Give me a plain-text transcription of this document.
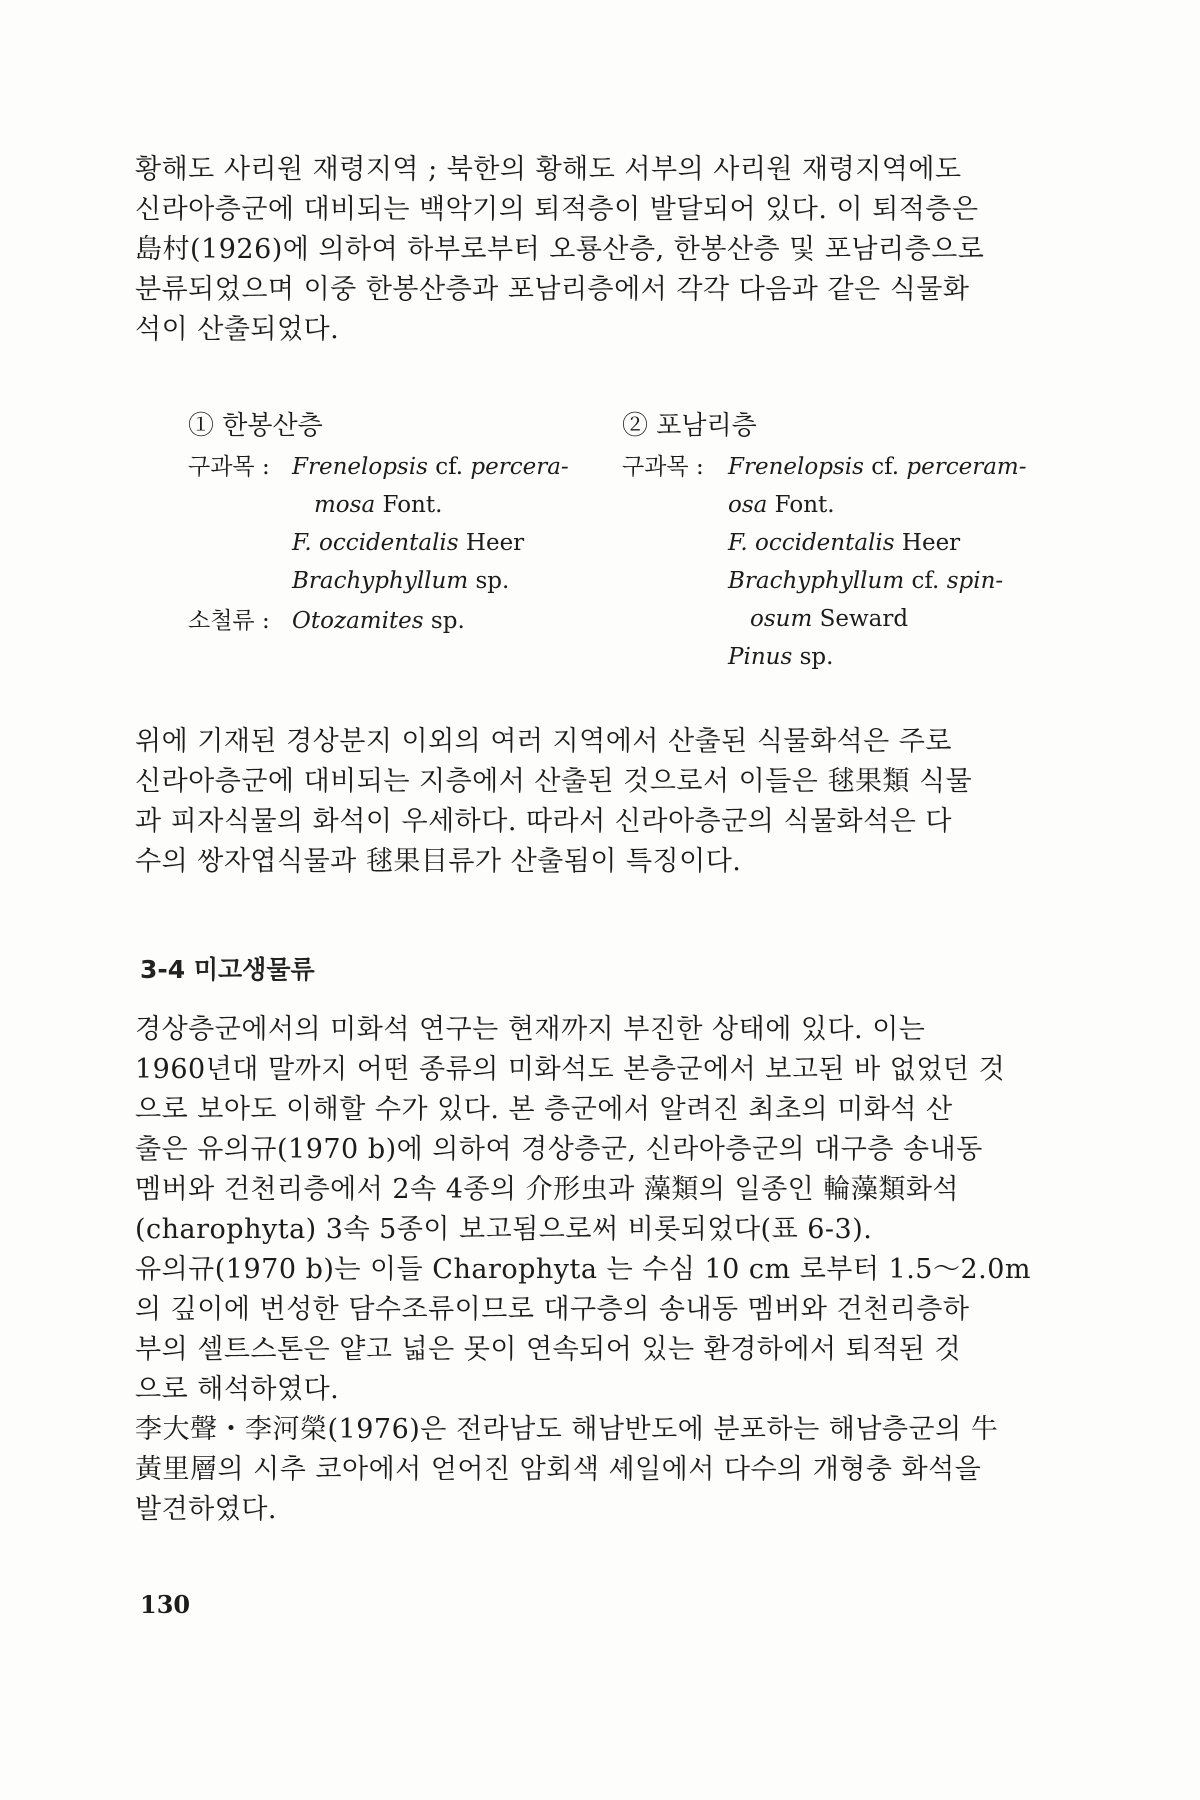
황해도 사리원 재령지역 ; 북한의 황해도 서부의 사리원 재령지역에도
신라아층군에 대비되는 백악기의 퇴적층이 발달되어 있다. 이 퇴적층은
島村(1926)에 의하여 하부로부터 오룡산층, 한봉산층 및 포남리층으로
분류되었으며 이중 한봉산층과 포남리층에서 각각 다음과 같은 식물화
석이 산출되었다.

① 한봉산층
구과목 : Frenelopsis cf. percera-
mosa Font.
F. occidentalis Heer
Brachyphyllum sp.
소철류 : Otozamites sp.
② 포남리층
구과목 : Frenelopsis cf. perceram-
osa Font.
F. occidentalis Heer
Brachyphyllum cf. spin-
osum Seward
Pinus sp.

위에 기재된 경상분지 이외의 여러 지역에서 산출된 식물화석은 주로
신라아층군에 대비되는 지층에서 산출된 것으로서 이들은 毬果類 식물
과 피자식물의 화석이 우세하다. 따라서 신라아층군의 식물화석은 다
수의 쌍자엽식물과 毬果目류가 산출됨이 특징이다.

3-4 미고생물류

경상층군에서의 미화석 연구는 현재까지 부진한 상태에 있다. 이는
1960년대 말까지 어떤 종류의 미화석도 본층군에서 보고된 바 없었던 것
으로 보아도 이해할 수가 있다. 본 층군에서 알려진 최초의 미화석 산
출은 유의규(1970 b)에 의하여 경상층군, 신라아층군의 대구층 송내동
멤버와 건천리층에서 2속 4종의 介形虫과 藻類의 일종인 輪藻類화석
(charophyta) 3속 5종이 보고됨으로써 비롯되었다(표 6-3).

유의규(1970 b)는 이들 Charophyta 는 수심 10 cm 로부터 1.5～2.0m
의 깊이에 번성한 담수조류이므로 대구층의 송내동 멤버와 건천리층하
부의 셀트스톤은 얕고 넓은 못이 연속되어 있는 환경하에서 퇴적된 것
으로 해석하였다.

李大聲・李河榮(1976)은 전라남도 해남반도에 분포하는 해남층군의 牛
黃里層의 시추 코아에서 얻어진 암회색 셰일에서 다수의 개형충 화석을
발견하였다.

130
